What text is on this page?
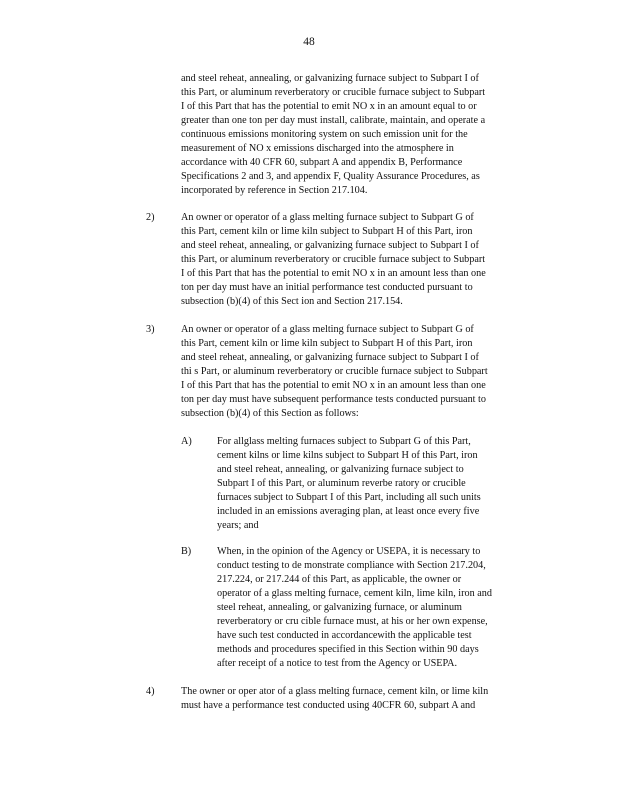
48

and steel reheat, annealing, or galvanizing furnace subject to Subpart I of
this Part, or aluminum reverberatory or crucible furnace subject to Subpart
I of this Part that has the potential to emit NO x in an amount equal to or
greater than one ton per day must install, calibrate, maintain, and operate a
continuous emissions monitoring system on such emission unit for the
measurement of NO x emissions discharged into the atmosphere in
accordance with 40 CFR 60, subpart A and appendix B, Performance
Specifications 2 and 3, and appendix F, Quality Assurance Procedures, as
incorporated by reference in Section 217.104.

2)	An owner or operator of a glass melting furnace subject to Subpart G of
this Part, cement kiln or lime kiln subject to Subpart H of this Part, iron
and steel reheat, annealing, or galvanizing furnace subject to Subpart I of
this Part, or aluminum reverberatory or crucible furnace subject to Subpart
I of this Part that has the potential to emit NO x in an amount less than one
ton per day must have an initial performance test conducted pursuant to
subsection (b)(4) of this Sect ion and Section 217.154.

3)	An owner or operator of a glass melting furnace subject to Subpart G of
this Part, cement kiln or lime kiln subject to Subpart H of this Part, iron
and steel reheat, annealing, or galvanizing furnace subject to Subpart I of
thi s Part, or aluminum reverberatory or crucible furnace subject to Subpart
I of this Part that has the potential to emit NO x in an amount less than one
ton per day must have subsequent performance tests conducted pursuant to
subsection (b)(4) of this Section as follows:

A) For allglass melting furnaces subject to Subpart G of this Part,
cement kilns or lime kilns subject to Subpart H of this Part, iron
and steel reheat, annealing, or galvanizing furnace subject to
Subpart I of this Part, or aluminum reverbe ratory or crucible
furnaces subject to Subpart I of this Part, including all such units
included in an emissions averaging plan, at least once every five
years; and

B)	When, in the opinion of the Agency or USEPA, it is necessary to
conduct testing to de monstrate compliance with Section 217.204,
217.224, or 217.244 of this Part, as applicable, the owner or
operator of a glass melting furnace, cement kiln, lime kiln, iron and
steel reheat, annealing, or galvanizing furnace, or aluminum
reverberatory or cru cible furnace must, at his or her own expense,
have such test conducted in accordancewith the applicable test
methods and procedures specified in this Section within 90 days
after receipt of a notice to test from the Agency or USEPA.

4)	The owner or oper ator of a glass melting furnace, cement kiln, or lime kiln
must have a performance test conducted using 40CFR 60, subpart A and
